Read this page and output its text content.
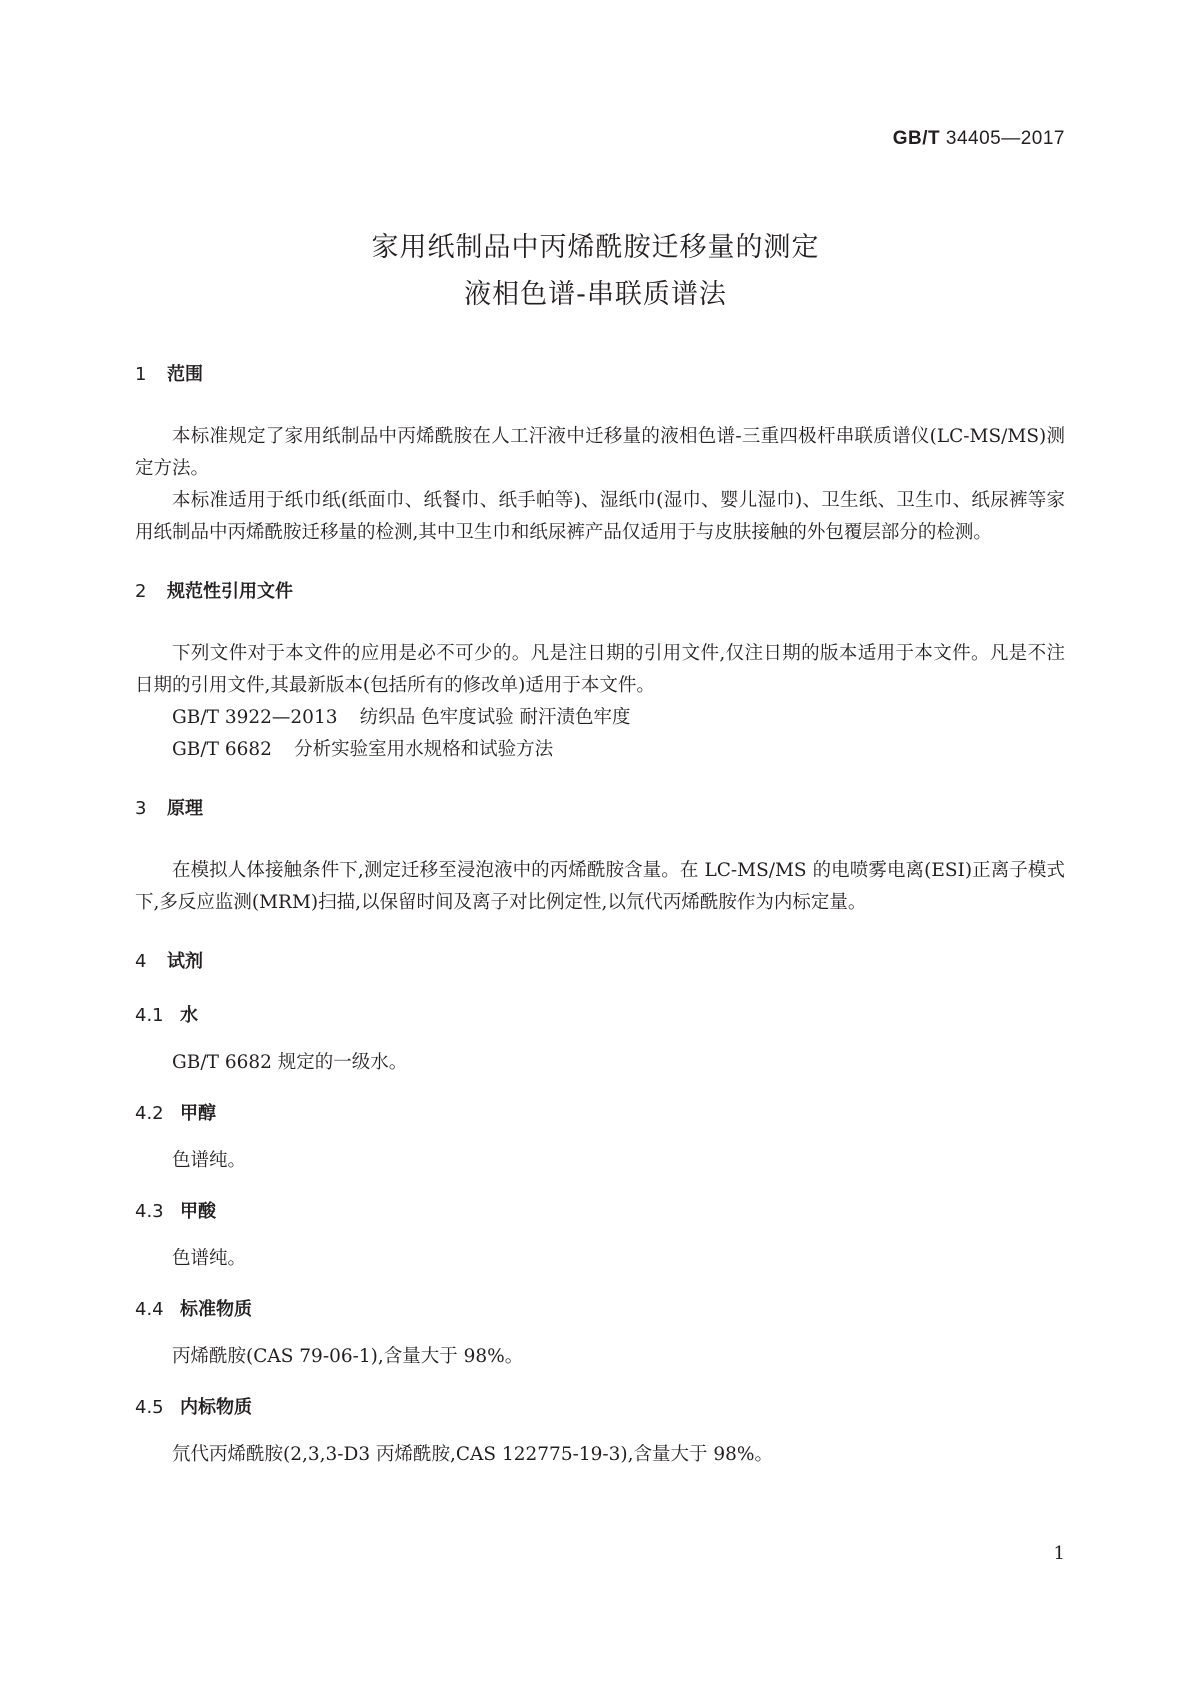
GB/T 34405—2017
家用纸制品中丙烯酰胺迁移量的测定
液相色谱-串联质谱法
1	范围

本标准规定了家用纸制品中丙烯酰胺在人工汗液中迁移量的液相色谱-三重四极杆串联质谱仪(LC-MS/MS)测定方法。

本标准适用于纸巾纸(纸面巾、纸餐巾、纸手帕等)、湿纸巾(湿巾、婴儿湿巾)、卫生纸、卫生巾、纸尿裤等家用纸制品中丙烯酰胺迁移量的检测,其中卫生巾和纸尿裤产品仅适用于与皮肤接触的外包覆层部分的检测。

2	规范性引用文件

下列文件对于本文件的应用是必不可少的。凡是注日期的引用文件,仅注日期的版本适用于本文件。凡是不注日期的引用文件,其最新版本(包括所有的修改单)适用于本文件。

GB/T 3922—2013 纺织品 色牢度试验 耐汗渍色牢度

GB/T 6682 分析实验室用水规格和试验方法

3	原理

在模拟人体接触条件下,测定迁移至浸泡液中的丙烯酰胺含量。在 LC-MS/MS 的电喷雾电离(ESI)正离子模式下,多反应监测(MRM)扫描,以保留时间及离子对比例定性,以氘代丙烯酰胺作为内标定量。

4	试剂
4.1 水

GB/T 6682 规定的一级水。

4.2 甲醇

色谱纯。

4.3 甲酸

色谱纯。

4.4 标准物质

丙烯酰胺(CAS 79-06-1),含量大于 98%。

4.5 内标物质

氘代丙烯酰胺(2,3,3-D3 丙烯酰胺,CAS 122775-19-3),含量大于 98%。

1
